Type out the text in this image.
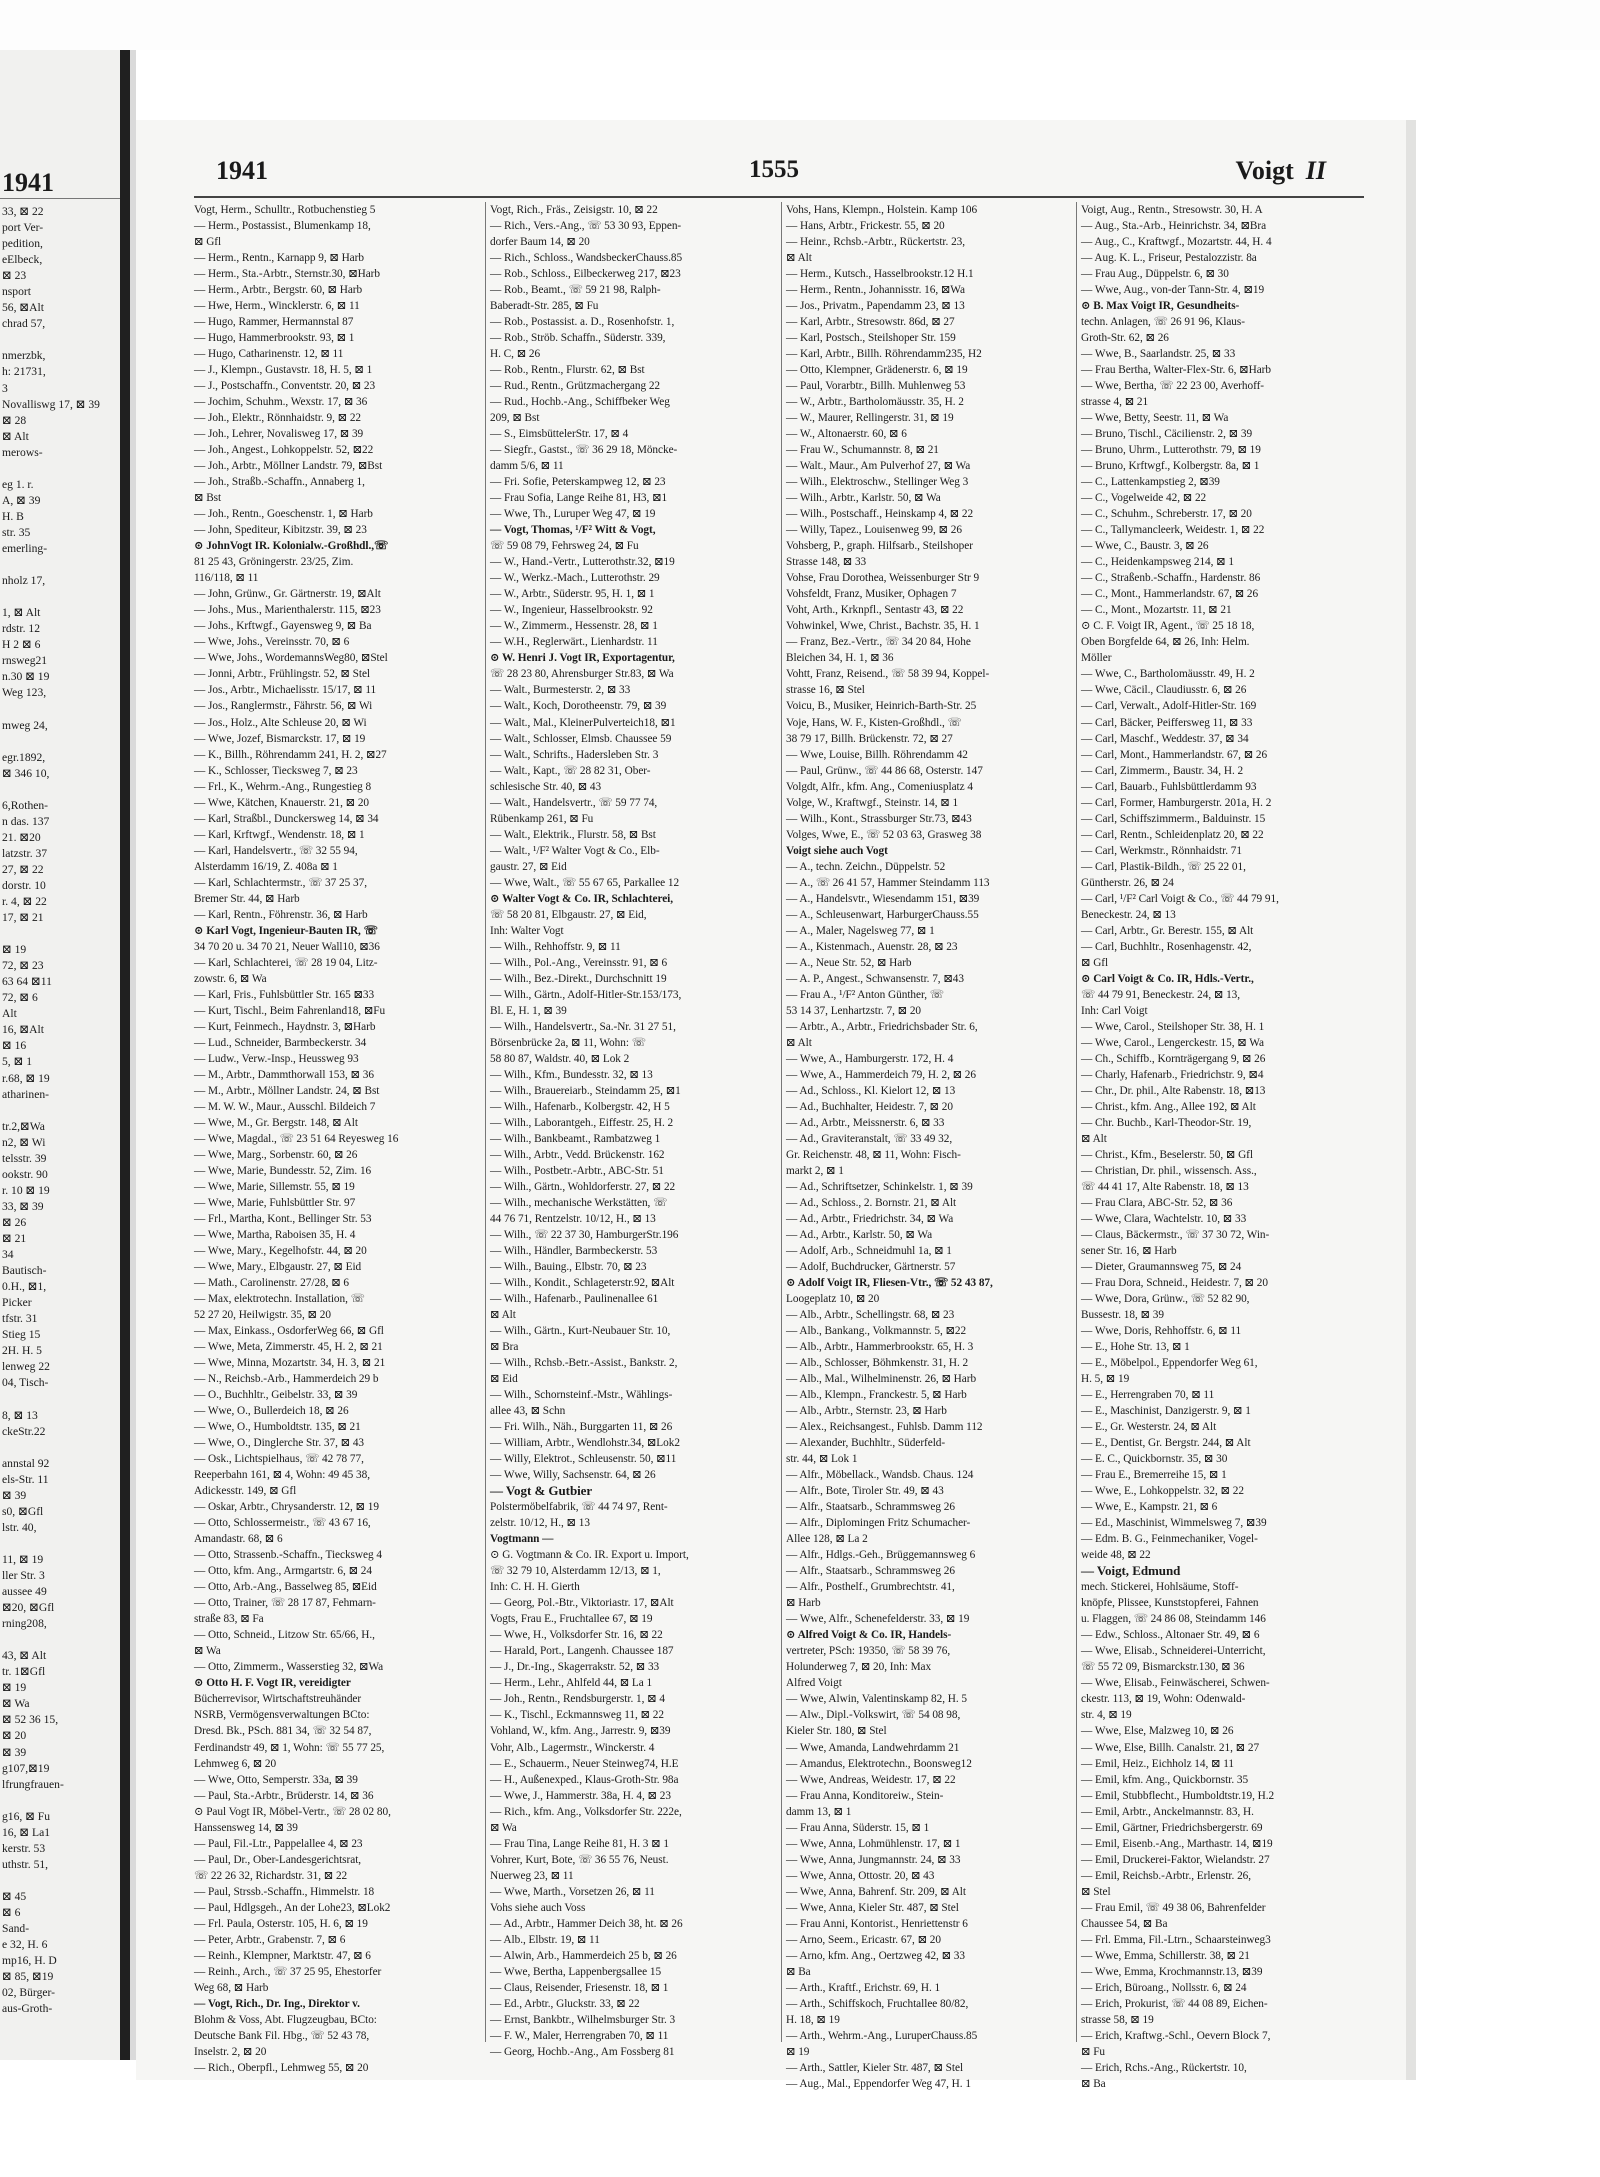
1941
33, ⊠ 22
port Ver-
pedition,
eElbeck,
⊠ 23
nsport
56, ⊠Alt
chrad 57,
nmerzbk,
h: 21731,
3
Novalliswg 17, ⊠ 39
⊠ 28
⊠ Alt
merows-
eg 1. r.
A, ⊠ 39
H. B
str. 35
emerling-
nholz 17,
1, ⊠ Alt
rdstr. 12
H 2 ⊠ 6
rnsweg21
n.30 ⊠ 19
Weg 123,
mweg 24,
egr.1892,
⊠ 346 10,
6,Rothen-
n das. 137
21. ⊠20
latzstr. 37
27, ⊠ 22
dorstr. 10
r. 4, ⊠ 22
17, ⊠ 21
⊠ 19
72, ⊠ 23
63 64 ⊠11
72, ⊠ 6
Alt
16, ⊠Alt
⊠ 16
5, ⊠ 1
r.68, ⊠ 19
atharinen-
tr.2,⊠Wa
n2, ⊠ Wi
telsstr. 39
ookstr. 90
r. 10 ⊠ 19
33, ⊠ 39
⊠ 26
⊠ 21
34
Bautisch-
0.H., ⊠1,
Picker
tfstr. 31
Stieg 15
2H. H. 5
lenweg 22
04, Tisch-
8, ⊠ 13
ckeStr.22
annstal 92
els-Str. 11
⊠ 39
s0, ⊠Gfl
lstr. 40,
11, ⊠ 19
ller Str. 3
aussee 49
⊠20, ⊠Gfl
rning208,
43, ⊠ Alt
tr. 1⊠Gfl
⊠ 19
⊠ Wa
⊠ 52 36 15,
⊠ 20
⊠ 39
g107,⊠19
lfrungfrauen-
g16, ⊠ Fu
16, ⊠ La1
kerstr. 53
uthstr. 51,
⊠ 45
⊠ 6
Sand-
e 32, H. 6
mp16, H. D
⊠ 85, ⊠19
02, Bürger-
aus-Groth-
1941	1555	Voigt II
Vogt, Herm., Schulltr., Rotbuchenstieg 5
— Herm., Postassist., Blumenkamp 18,
⊠ Gfl
— Herm., Rentn., Karnapp 9, ⊠ Harb
— Herm., Sta.-Arbtr., Sternstr.30, ⊠Harb
— Herm., Arbtr., Bergstr. 60, ⊠ Harb
— Hwe, Herm., Wincklerstr. 6, ⊠ 11
— Hugo, Rammer, Hermannstal 87
— Hugo, Hammerbrookstr. 93, ⊠ 1
— Hugo, Catharinenstr. 12, ⊠ 11
— J., Klempn., Gustavstr. 18, H. 5, ⊠ 1
— J., Postschaffn., Conventstr. 20, ⊠ 23
— Jochim, Schuhm., Wexstr. 17, ⊠ 36
— Joh., Elektr., Rönnhaidstr. 9, ⊠ 22
— Joh., Lehrer, Novalisweg 17, ⊠ 39
— Joh., Angest., Lohkoppelstr. 52, ⊠22
— Joh., Arbtr., Möllner Landstr. 79, ⊠Bst
— Joh., Straßb.-Schaffn., Annaberg 1,
⊠ Bst
— Joh., Rentn., Goeschenstr. 1, ⊠ Harb
— John, Spediteur, Kibitzstr. 39, ⊠ 23
⊙ JohnVogt IR. Kolonialw.-Großhdl.,☏
81 25 43, Gröningerstr. 23/25, Zim.
116/118, ⊠ 11
— John, Grünw., Gr. Gärtnerstr. 19, ⊠Alt
— Johs., Mus., Marienthalerstr. 115, ⊠23
— Johs., Krftwgf., Gayensweg 9, ⊠ Ba
— Wwe, Johs., Vereinsstr. 70, ⊠ 6
— Wwe, Johs., WordemannsWeg80, ⊠Stel
— Jonni, Arbtr., Frühlingstr. 52, ⊠ Stel
— Jos., Arbtr., Michaelisstr. 15/17, ⊠ 11
— Jos., Ranglermstr., Fährstr. 56, ⊠ Wi
— Jos., Holz., Alte Schleuse 20, ⊠ Wi
— Wwe, Jozef, Bismarckstr. 17, ⊠ 19
— K., Billh., Röhrendamm 241, H. 2, ⊠27
— K., Schlosser, Tiecksweg 7, ⊠ 23
— Frl., K., Wehrm.-Ang., Rungestieg 8
— Wwe, Kätchen, Knauerstr. 21, ⊠ 20
— Karl, Straßbl., Dunckersweg 14, ⊠ 34
— Karl, Krftwgf., Wendenstr. 18, ⊠ 1
— Karl, Handelsvertr., ☏ 32 55 94,
Alsterdamm 16/19, Z. 408a ⊠ 1
— Karl, Schlachtermstr., ☏ 37 25 37,
Bremer Str. 44, ⊠ Harb
— Karl, Rentn., Föhrenstr. 36, ⊠ Harb
⊙ Karl Vogt, Ingenieur-Bauten IR, ☏
34 70 20 u. 34 70 21, Neuer Wall10, ⊠36
— Karl, Schlachterei, ☏ 28 19 04, Litz-
zowstr. 6, ⊠ Wa
— Karl, Fris., Fuhlsbüttler Str. 165 ⊠33
— Kurt, Tischl., Beim Fahrenland18, ⊠Fu
— Kurt, Feinmech., Haydnstr. 3, ⊠Harb
— Lud., Schneider, Barmbeckerstr. 34
— Ludw., Verw.-Insp., Heussweg 93
— M., Arbtr., Dammthorwall 153, ⊠ 36
— M., Arbtr., Möllner Landstr. 24, ⊠ Bst
— M. W. W., Maur., Ausschl. Bildeich 7
— Wwe, M., Gr. Bergstr. 148, ⊠ Alt
— Wwe, Magdal., ☏ 23 51 64 Reyesweg 16
— Wwe, Marg., Sorbenstr. 60, ⊠ 26
— Wwe, Marie, Bundesstr. 52, Zim. 16
— Wwe, Marie, Sillemstr. 55, ⊠ 19
— Wwe, Marie, Fuhlsbüttler Str. 97
— Frl., Martha, Kont., Bellinger Str. 53
— Wwe, Martha, Raboisen 35, H. 4
— Wwe, Mary., Kegelhofstr. 44, ⊠ 20
— Wwe, Mary., Elbgaustr. 27, ⊠ Eid
— Math., Carolinenstr. 27/28, ⊠ 6
— Max, elektrotechn. Installation, ☏
52 27 20, Heilwigstr. 35, ⊠ 20
— Max, Einkass., OsdorferWeg 66, ⊠ Gfl
— Wwe, Meta, Zimmerstr. 45, H. 2, ⊠ 21
— Wwe, Minna, Mozartstr. 34, H. 3, ⊠ 21
— N., Reichsb.-Arb., Hammerdeich 29 b
— O., Buchhltr., Geibelstr. 33, ⊠ 39
— Wwe, O., Bullerdeich 18, ⊠ 26
— Wwe, O., Humboldtstr. 135, ⊠ 21
— Wwe, O., Dinglerche Str. 37, ⊠ 43
— Osk., Lichtspielhaus, ☏ 42 78 77,
Reeperbahn 161, ⊠ 4, Wohn: 49 45 38,
Adickesstr. 149, ⊠ Gfl
— Oskar, Arbtr., Chrysanderstr. 12, ⊠ 19
— Otto, Schlossermeistr., ☏ 43 67 16,
Amandastr. 68, ⊠ 6
— Otto, Strassenb.-Schaffn., Tiecksweg 4
— Otto, kfm. Ang., Armgartstr. 6, ⊠ 24
— Otto, Arb.-Ang., Basselweg 85, ⊠Eid
— Otto, Trainer, ☏ 28 17 87, Fehmarn-
straße 83, ⊠ Fa
— Otto, Schneid., Litzow Str. 65/66, H.,
⊠ Wa
— Otto, Zimmerm., Wasserstieg 32, ⊠Wa
⊙ Otto H. F. Vogt IR, vereidigter
Bücherrevisor, Wirtschaftstreuhänder
NSRB, Vermögensverwaltungen BCto:
Dresd. Bk., PSch. 881 34, ☏ 32 54 87,
Ferdinandstr 49, ⊠ 1, Wohn: ☏ 55 77 25,
Lehmweg 6, ⊠ 20
— Wwe, Otto, Semperstr. 33a, ⊠ 39
— Paul, Sta.-Arbtr., Brüderstr. 14, ⊠ 36
⊙ Paul Vogt IR, Möbel-Vertr., ☏ 28 02 80,
Hanssensweg 14, ⊠ 39
— Paul, Fil.-Ltr., Pappelallee 4, ⊠ 23
— Paul, Dr., Ober-Landesgerichtsrat,
☏ 22 26 32, Richardstr. 31, ⊠ 22
— Paul, Strssb.-Schaffn., Himmelstr. 18
— Paul, Hdlgsgeh., An der Lohe23, ⊠Lok2
— Frl. Paula, Osterstr. 105, H. 6, ⊠ 19
— Peter, Arbtr., Grabenstr. 7, ⊠ 6
— Reinh., Klempner, Marktstr. 47, ⊠ 6
— Reinh., Arch., ☏ 37 25 95, Ehestorfer
Weg 68, ⊠ Harb
— Vogt, Rich., Dr. Ing., Direktor v.
Blohm & Voss, Abt. Flugzeugbau, BCto:
Deutsche Bank Fil. Hbg., ☏ 52 43 78,
Inselstr. 2, ⊠ 20
— Rich., Oberpfl., Lehmweg 55, ⊠ 20
Vogt, Rich., Fräs., Zeisigstr. 10, ⊠ 22
— Rich., Vers.-Ang., ☏ 53 30 93, Eppen-
dorfer Baum 14, ⊠ 20
— Rich., Schloss., WandsbeckerChauss.85
— Rob., Schloss., Eilbeckerweg 217, ⊠23
— Rob., Beamt., ☏ 59 21 98, Ralph-
Baberadt-Str. 285, ⊠ Fu
— Rob., Postassist. a. D., Rosenhofstr. 1,
— Rob., Ströb. Schaffn., Süderstr. 339,
H. C, ⊠ 26
— Rob., Rentn., Flurstr. 62, ⊠ Bst
— Rud., Rentn., Grützmachergang 22
— Rud., Hochb.-Ang., Schiffbeker Weg
209, ⊠ Bst
— S., EimsbüttelerStr. 17, ⊠ 4
— Siegfr., Gastst., ☏ 36 29 18, Möncke-
damm 5/6, ⊠ 11
— Fri. Sofie, Peterskampweg 12, ⊠ 23
— Frau Sofia, Lange Reihe 81, H3, ⊠1
— Wwe, Th., Luruper Weg 47, ⊠ 19
— Vogt, Thomas, ¹/F² Witt & Vogt,
☏ 59 08 79, Fehrsweg 24, ⊠ Fu
— W., Hand.-Vertr., Lutterothstr.32, ⊠19
— W., Werkz.-Mach., Lutterothstr. 29
— W., Arbtr., Süderstr. 95, H. 1, ⊠ 1
— W., Ingenieur, Hasselbrookstr. 92
— W., Zimmerm., Hessenstr. 28, ⊠ 1
— W.H., Reglerwärt., Lienhardstr. 11
⊙ W. Henri J. Vogt IR, Exportagentur,
☏ 28 23 80, Ahrensburger Str.83, ⊠ Wa
— Walt., Burmesterstr. 2, ⊠ 33
— Walt., Koch, Dorotheenstr. 79, ⊠ 39
— Walt., Mal., KleinerPulverteich18, ⊠1
— Walt., Schlosser, Elmsb. Chaussee 59
— Walt., Schrifts., Hadersleben Str. 3
— Walt., Kapt., ☏ 28 82 31, Ober-
schlesische Str. 40, ⊠ 43
— Walt., Handelsvertr., ☏ 59 77 74,
Rübenkamp 261, ⊠ Fu
— Walt., Elektrik., Flurstr. 58, ⊠ Bst
— Walt., ¹/F² Walter Vogt & Co., Elb-
gaustr. 27, ⊠ Eid
— Wwe, Walt., ☏ 55 67 65, Parkallee 12
⊙ Walter Vogt & Co. IR, Schlachterei,
☏ 58 20 81, Elbgaustr. 27, ⊠ Eid,
Inh: Walter Vogt
— Wilh., Rehhoffstr. 9, ⊠ 11
— Wilh., Pol.-Ang., Vereinsstr. 91, ⊠ 6
— Wilh., Bez.-Direkt., Durchschnitt 19
— Wilh., Gärtn., Adolf-Hitler-Str.153/173,
Bl. E, H. 1, ⊠ 39
— Wilh., Handelsvertr., Sa.-Nr. 31 27 51,
Börsenbrücke 2a, ⊠ 11, Wohn: ☏
58 80 87, Waldstr. 40, ⊠ Lok 2
— Wilh., Kfm., Bundesstr. 32, ⊠ 13
— Wilh., Brauereiarb., Steindamm 25, ⊠1
— Wilh., Hafenarb., Kolbergstr. 42, H 5
— Wilh., Laborantgeh., Eiffestr. 25, H. 2
— Wilh., Bankbeamt., Rambatzweg 1
— Wilh., Arbtr., Vedd. Brückenstr. 162
— Wilh., Postbetr.-Arbtr., ABC-Str. 51
— Wilh., Gärtn., Wohldorferstr. 27, ⊠ 22
— Wilh., mechanische Werkstätten, ☏
44 76 71, Rentzelstr. 10/12, H., ⊠ 13
— Wilh., ☏ 22 37 30, HamburgerStr.196
— Wilh., Händler, Barmbeckerstr. 53
— Wilh., Bauing., Elbstr. 70, ⊠ 23
— Wilh., Kondit., Schlageterstr.92, ⊠Alt
— Wilh., Hafenarb., Paulinenallee 61
⊠ Alt
— Wilh., Gärtn., Kurt-Neubauer Str. 10,
⊠ Bra
— Wilh., Rchsb.-Betr.-Assist., Bankstr. 2,
⊠ Eid
— Wilh., Schornsteinf.-Mstr., Wählings-
allee 43, ⊠ Schn
— Fri. Wilh., Näh., Burggarten 11, ⊠ 26
— William, Arbtr., Wendlohstr.34, ⊠Lok2
— Willy, Elektrot., Schleusenstr. 50, ⊠11
— Wwe, Willy, Sachsenstr. 64, ⊠ 26
— Vogt & Gutbier
Polstermöbelfabrik, ☏ 44 74 97, Rent-
zelstr. 10/12, H., ⊠ 13
Vogtmann —
⊙ G. Vogtmann & Co. IR. Export u. Import,
☏ 32 79 10, Alsterdamm 12/13, ⊠ 1,
Inh: C. H. H. Gierth
— Georg, Pol.-Btr., Viktoriastr. 17, ⊠Alt
Vogts, Frau E., Fruchtallee 67, ⊠ 19
— Wwe, H., Volksdorfer Str. 16, ⊠ 22
— Harald, Port., Langenh. Chaussee 187
— J., Dr.-Ing., Skagerrakstr. 52, ⊠ 33
— Herm., Lehr., Ahlfeld 44, ⊠ La 1
— Joh., Rentn., Rendsburgerstr. 1, ⊠ 4
— K., Tischl., Eckmannsweg 11, ⊠ 22
Vohland, W., kfm. Ang., Jarrestr. 9, ⊠39
Vohr, Alb., Lagermstr., Winckerstr. 4
— E., Schauerm., Neuer Steinweg74, H.E
— H., Außenexped., Klaus-Groth-Str. 98a
— Wwe, J., Hammerstr. 38a, H. 4, ⊠ 23
— Rich., kfm. Ang., Volksdorfer Str. 222e,
⊠ Wa
— Frau Tina, Lange Reihe 81, H. 3 ⊠ 1
Vohrer, Kurt, Bote, ☏ 36 55 76, Neust.
Nuerweg 23, ⊠ 11
— Wwe, Marth., Vorsetzen 26, ⊠ 11
Vohs siehe auch Voss
— Ad., Arbtr., Hammer Deich 38, ht. ⊠ 26
— Alb., Elbstr. 19, ⊠ 11
— Alwin, Arb., Hammerdeich 25 b, ⊠ 26
— Wwe, Bertha, Lappenbergsallee 15
— Claus, Reisender, Friesenstr. 18, ⊠ 1
— Ed., Arbtr., Gluckstr. 33, ⊠ 22
— Ernst, Bankbtr., Wilhelmsburger Str. 3
— F. W., Maler, Herrengraben 70, ⊠ 11
— Georg, Hochb.-Ang., Am Fossberg 81
Vohs, Hans, Klempn., Holstein. Kamp 106
— Hans, Arbtr., Frickestr. 55, ⊠ 20
— Heinr., Rchsb.-Arbtr., Rückertstr. 23,
⊠ Alt
— Herm., Kutsch., Hasselbrookstr.12 H.1
— Herm., Rentn., Johannisstr. 16, ⊠Wa
— Jos., Privatm., Papendamm 23, ⊠ 13
— Karl, Arbtr., Stresowstr. 86d, ⊠ 27
— Karl, Postsch., Steilshoper Str. 159
— Karl, Arbtr., Billh. Röhrendamm235, H2
— Otto, Klempner, Grädenerstr. 6, ⊠ 19
— Paul, Vorarbtr., Billh. Muhlenweg 53
— W., Arbtr., Bartholomäusstr. 35, H. 2
— W., Maurer, Rellingerstr. 31, ⊠ 19
— W., Altonaerstr. 60, ⊠ 6
— Frau W., Schumannstr. 8, ⊠ 21
— Walt., Maur., Am Pulverhof 27, ⊠ Wa
— Wilh., Elektroschw., Stellinger Weg 3
— Wilh., Arbtr., Karlstr. 50, ⊠ Wa
— Wilh., Postschaff., Heinskamp 4, ⊠ 22
— Willy, Tapez., Louisenweg 99, ⊠ 26
Vohsberg, P., graph. Hilfsarb., Steilshoper
Strasse 148, ⊠ 33
Vohse, Frau Dorothea, Weissenburger Str 9
Vohsfeldt, Franz, Musiker, Ophagen 7
Voht, Arth., Krknpfl., Sentastr 43, ⊠ 22
Vohwinkel, Wwe, Christ., Bachstr. 35, H. 1
— Franz, Bez.-Vertr., ☏ 34 20 84, Hohe
Bleichen 34, H. 1, ⊠ 36
Vohtt, Franz, Reisend., ☏ 58 39 94, Koppel-
strasse 16, ⊠ Stel
Voicu, B., Musiker, Heinrich-Barth-Str. 25
Voje, Hans, W. F., Kisten-Großhdl., ☏
38 79 17, Billh. Brückenstr. 72, ⊠ 27
— Wwe, Louise, Billh. Röhrendamm 42
— Paul, Grünw., ☏ 44 86 68, Osterstr. 147
Volgdt, Alfr., kfm. Ang., Comeniusplatz 4
Volge, W., Kraftwgf., Steinstr. 14, ⊠ 1
— Wilh., Kont., Strassburger Str.73, ⊠43
Volges, Wwe, E., ☏ 52 03 63, Grasweg 38
Voigt siehe auch Vogt
— A., techn. Zeichn., Düppelstr. 52
— A., ☏ 26 41 57, Hammer Steindamm 113
— A., Handelsvtr., Wiesendamm 151, ⊠39
— A., Schleusenwart, HarburgerChauss.55
— A., Maler, Nagelsweg 77, ⊠ 1
— A., Kistenmach., Auenstr. 28, ⊠ 23
— A., Neue Str. 52, ⊠ Harb
— A. P., Angest., Schwansenstr. 7, ⊠43
— Frau A., ¹/F² Anton Günther, ☏
53 14 37, Lenhartzstr. 7, ⊠ 20
— Arbtr., A., Arbtr., Friedrichsbader Str. 6,
⊠ Alt
— Wwe, A., Hamburgerstr. 172, H. 4
— Wwe, A., Hammerdeich 79, H. 2, ⊠ 26
— Ad., Schloss., Kl. Kielort 12, ⊠ 13
— Ad., Buchhalter, Heidestr. 7, ⊠ 20
— Ad., Arbtr., Meissnerstr. 6, ⊠ 33
— Ad., Graviteranstalt, ☏ 33 49 32,
Gr. Reichenstr. 48, ⊠ 11, Wohn: Fisch-
markt 2, ⊠ 1
— Ad., Schriftsetzer, Schinkelstr. 1, ⊠ 39
— Ad., Schloss., 2. Bornstr. 21, ⊠ Alt
— Ad., Arbtr., Friedrichstr. 34, ⊠ Wa
— Ad., Arbtr., Karlstr. 50, ⊠ Wa
— Adolf, Arb., Schneidmuhl 1a, ⊠ 1
— Adolf, Buchdrucker, Gärtnerstr. 57
⊙ Adolf Voigt IR, Fliesen-Vtr., ☏ 52 43 87,
Loogeplatz 10, ⊠ 20
— Alb., Arbtr., Schellingstr. 68, ⊠ 23
— Alb., Bankang., Volkmannstr. 5, ⊠22
— Alb., Arbtr., Hammerbrookstr. 65, H. 3
— Alb., Schlosser, Böhmkenstr. 31, H. 2
— Alb., Mal., Wilhelminenstr. 26, ⊠ Harb
— Alb., Klempn., Franckestr. 5, ⊠ Harb
— Alb., Arbtr., Sternstr. 23, ⊠ Harb
— Alex., Reichsangest., Fuhlsb. Damm 112
— Alexander, Buchhltr., Süderfeld-
str. 44, ⊠ Lok 1
— Alfr., Möbellack., Wandsb. Chaus. 124
— Alfr., Bote, Tiroler Str. 49, ⊠ 43
— Alfr., Staatsarb., Schrammsweg 26
— Alfr., Diplomingen Fritz Schumacher-
Allee 128, ⊠ La 2
— Alfr., Hdlgs.-Geh., Brüggemannsweg 6
— Alfr., Staatsarb., Schrammsweg 26
— Alfr., Posthelf., Grumbrechtstr. 41,
⊠ Harb
— Wwe, Alfr., Schenefelderstr. 33, ⊠ 19
⊙ Alfred Voigt & Co. IR, Handels-
vertreter, PSch: 19350, ☏ 58 39 76,
Holunderweg 7, ⊠ 20, Inh: Max
Alfred Voigt
— Wwe, Alwin, Valentinskamp 82, H. 5
— Alw., Dipl.-Volkswirt, ☏ 54 08 98,
Kieler Str. 180, ⊠ Stel
— Wwe, Amanda, Landwehrdamm 21
— Amandus, Elektrotechn., Boonsweg12
— Wwe, Andreas, Weidestr. 17, ⊠ 22
— Frau Anna, Konditoreiw., Stein-
damm 13, ⊠ 1
— Frau Anna, Süderstr. 15, ⊠ 1
— Wwe, Anna, Lohmühlenstr. 17, ⊠ 1
— Wwe, Anna, Jungmannstr. 24, ⊠ 33
— Wwe, Anna, Ottostr. 20, ⊠ 43
— Wwe, Anna, Bahrenf. Str. 209, ⊠ Alt
— Wwe, Anna, Kieler Str. 487, ⊠ Stel
— Frau Anni, Kontorist., Henriettenstr 6
— Arno, Seem., Ericastr. 67, ⊠ 20
— Arno, kfm. Ang., Oertzweg 42, ⊠ 33
⊠ Ba
— Arth., Kraftf., Erichstr. 69, H. 1
— Arth., Schiffskoch, Fruchtallee 80/82,
H. 18, ⊠ 19
— Arth., Wehrm.-Ang., LuruperChauss.85
⊠ 19
— Arth., Sattler, Kieler Str. 487, ⊠ Stel
— Aug., Mal., Eppendorfer Weg 47, H. 1
Voigt, Aug., Rentn., Stresowstr. 30, H. A
— Aug., Sta.-Arb., Heinrichstr. 34, ⊠Bra
— Aug., C., Kraftwgf., Mozartstr. 44, H. 4
— Aug. K. L., Friseur, Pestalozzistr. 8a
— Frau Aug., Düppelstr. 6, ⊠ 30
— Wwe, Aug., von-der Tann-Str. 4, ⊠19
⊙ B. Max Voigt IR, Gesundheits-
techn. Anlagen, ☏ 26 91 96, Klaus-
Groth-Str. 62, ⊠ 26
— Wwe, B., Saarlandstr. 25, ⊠ 33
— Frau Bertha, Walter-Flex-Str. 6, ⊠Harb
— Wwe, Bertha, ☏ 22 23 00, Averhoff-
strasse 4, ⊠ 21
— Wwe, Betty, Seestr. 11, ⊠ Wa
— Bruno, Tischl., Cäcilienstr. 2, ⊠ 39
— Bruno, Uhrm., Lutterothstr. 79, ⊠ 19
— Bruno, Krftwgf., Kolbergstr. 8a, ⊠ 1
— C., Lattenkampstieg 2, ⊠39
— C., Vogelweide 42, ⊠ 22
— C., Schuhm., Schreberstr. 17, ⊠ 20
— C., Tallymancleerk, Weidestr. 1, ⊠ 22
— Wwe, C., Baustr. 3, ⊠ 26
— C., Heidenkampsweg 214, ⊠ 1
— C., Straßenb.-Schaffn., Hardenstr. 86
— C., Mont., Hammerlandstr. 67, ⊠ 26
— C., Mont., Mozartstr. 11, ⊠ 21
⊙ C. F. Voigt IR, Agent., ☏ 25 18 18,
Oben Borgfelde 64, ⊠ 26, Inh: Helm.
Möller
— Wwe, C., Bartholomäusstr. 49, H. 2
— Wwe, Cäcil., Claudiusstr. 6, ⊠ 26
— Carl, Verwalt., Adolf-Hitler-Str. 169
— Carl, Bäcker, Peiffersweg 11, ⊠ 33
— Carl, Maschf., Weddestr. 37, ⊠ 34
— Carl, Mont., Hammerlandstr. 67, ⊠ 26
— Carl, Zimmerm., Baustr. 34, H. 2
— Carl, Bauarb., Fuhlsbüttlerdamm 93
— Carl, Former, Hamburgerstr. 201a, H. 2
— Carl, Schiffszimmerm., Balduinstr. 15
— Carl, Rentn., Schleidenplatz 20, ⊠ 22
— Carl, Werkmstr., Rönnhaidstr. 71
— Carl, Plastik-Bildh., ☏ 25 22 01,
Güntherstr. 26, ⊠ 24
— Carl, ¹/F² Carl Voigt & Co., ☏ 44 79 91,
Beneckestr. 24, ⊠ 13
— Carl, Arbtr., Gr. Berestr. 155, ⊠ Alt
— Carl, Buchhltr., Rosenhagenstr. 42,
⊠ Gfl
⊙ Carl Voigt & Co. IR, Hdls.-Vertr.,
☏ 44 79 91, Beneckestr. 24, ⊠ 13,
Inh: Carl Voigt
— Wwe, Carol., Steilshoper Str. 38, H. 1
— Wwe, Carol., Lengerckestr. 15, ⊠ Wa
— Ch., Schiffb., Kornträgergang 9, ⊠ 26
— Charly, Hafenarb., Friedrichstr. 9, ⊠4
— Chr., Dr. phil., Alte Rabenstr. 18, ⊠13
— Christ., kfm. Ang., Allee 192, ⊠ Alt
— Chr. Buchb., Karl-Theodor-Str. 19,
⊠ Alt
— Christ., Kfm., Beselerstr. 50, ⊠ Gfl
— Christian, Dr. phil., wissensch. Ass.,
☏ 44 41 17, Alte Rabenstr. 18, ⊠ 13
— Frau Clara, ABC-Str. 52, ⊠ 36
— Wwe, Clara, Wachtelstr. 10, ⊠ 33
— Claus, Bäckermstr., ☏ 37 30 72, Win-
sener Str. 16, ⊠ Harb
— Dieter, Graumannsweg 75, ⊠ 24
— Frau Dora, Schneid., Heidestr. 7, ⊠ 20
— Wwe, Dora, Grünw., ☏ 52 82 90,
Bussestr. 18, ⊠ 39
— Wwe, Doris, Rehhoffstr. 6, ⊠ 11
— E., Hohe Str. 13, ⊠ 1
— E., Möbelpol., Eppendorfer Weg 61,
H. 5, ⊠ 19
— E., Herrengraben 70, ⊠ 11
— E., Maschinist, Danzigerstr. 9, ⊠ 1
— E., Gr. Westerstr. 24, ⊠ Alt
— E., Dentist, Gr. Bergstr. 244, ⊠ Alt
— E. C., Quickbornstr. 35, ⊠ 30
— Frau E., Bremerreihe 15, ⊠ 1
— Wwe, E., Lohkoppelstr. 32, ⊠ 22
— Wwe, E., Kampstr. 21, ⊠ 6
— Ed., Maschinist, Wimmelsweg 7, ⊠39
— Edm. B. G., Feinmechaniker, Vogel-
weide 48, ⊠ 22
— Voigt, Edmund
mech. Stickerei, Hohlsäume, Stoff-
knöpfe, Plissee, Kunststopferei, Fahnen
u. Flaggen, ☏ 24 86 08, Steindamm 146
— Edw., Schloss., Altonaer Str. 49, ⊠ 6
— Wwe, Elisab., Schneiderei-Unterricht,
☏ 55 72 09, Bismarckstr.130, ⊠ 36
— Wwe, Elisab., Feinwäscherei, Schwen-
ckestr. 113, ⊠ 19, Wohn: Odenwald-
str. 4, ⊠ 19
— Wwe, Else, Malzweg 10, ⊠ 26
— Wwe, Else, Billh. Canalstr. 21, ⊠ 27
— Emil, Heiz., Eichholz 14, ⊠ 11
— Emil, kfm. Ang., Quickbornstr. 35
— Emil, Stubbflecht., Humboldtstr.19, H.2
— Emil, Arbtr., Anckelmannstr. 83, H.
— Emil, Gärtner, Friedrichsbergerstr. 69
— Emil, Eisenb.-Ang., Marthastr. 14, ⊠19
— Emil, Druckerei-Faktor, Wielandstr. 27
— Emil, Reichsb.-Arbtr., Erlenstr. 26,
⊠ Stel
— Frau Emil, ☏ 49 38 06, Bahrenfelder
Chaussee 54, ⊠ Ba
— Frl. Emma, Fil.-Ltrn., Schaarsteinweg3
— Wwe, Emma, Schillerstr. 38, ⊠ 21
— Wwe, Emma, Krochmannstr.13, ⊠39
— Erich, Büroang., Nollsstr. 6, ⊠ 24
— Erich, Prokurist, ☏ 44 08 89, Eichen-
strasse 58, ⊠ 19
— Erich, Kraftwg.-Schl., Oevern Block 7,
⊠ Fu
— Erich, Rchs.-Ang., Rückertstr. 10,
⊠ Ba
